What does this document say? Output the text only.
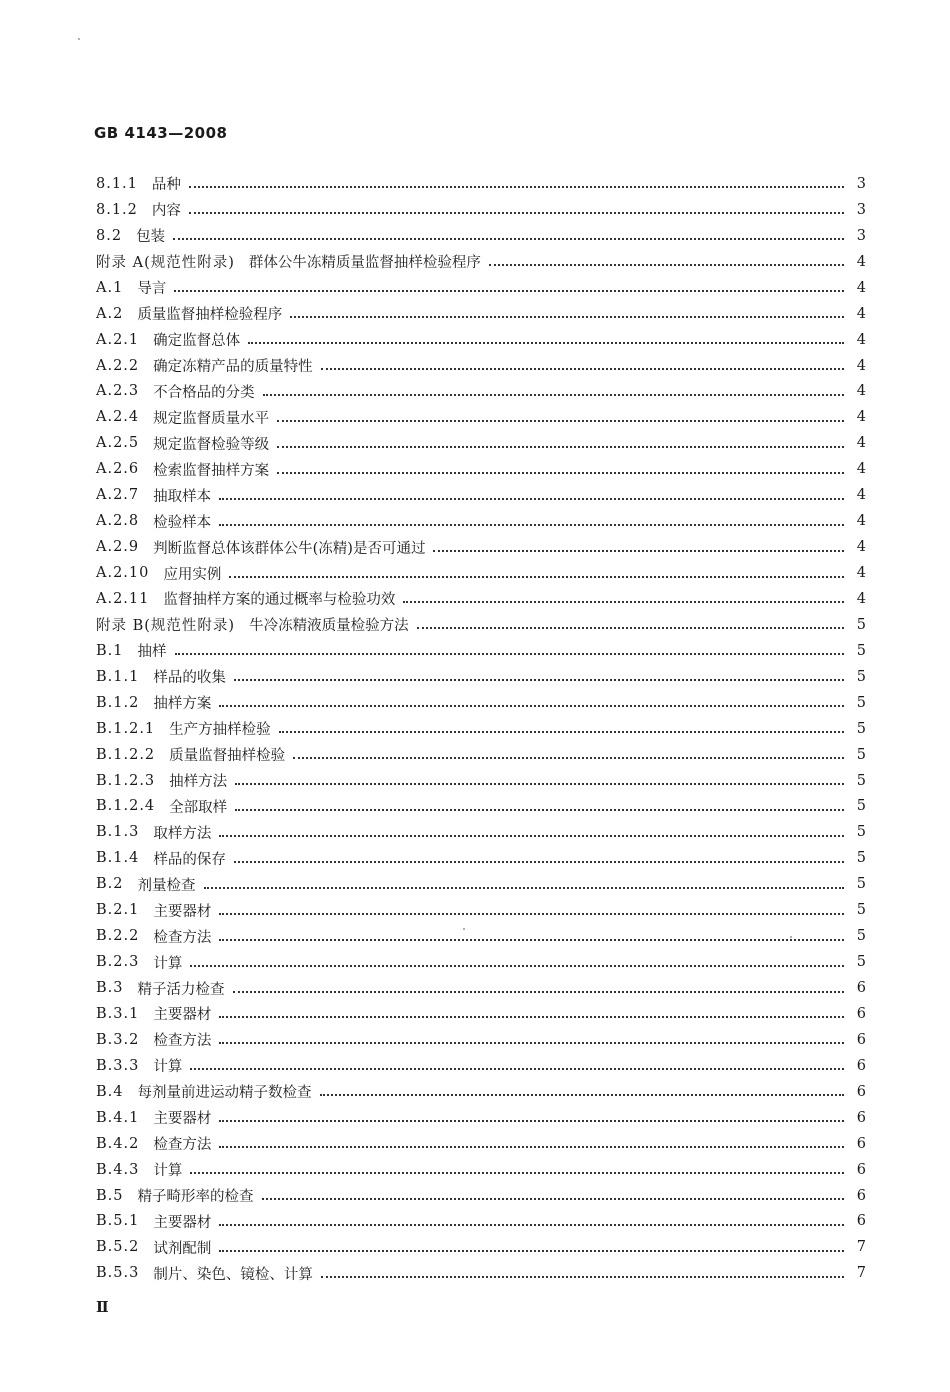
GB 4143—2008
8.1.1 品种	3
8.1.2 内容	3
8.2 包装	3
附录 A(规范性附录) 群体公牛冻精质量监督抽样检验程序	4
A.1 导言	4
A.2 质量监督抽样检验程序	4
A.2.1 确定监督总体	4
A.2.2 确定冻精产品的质量特性	4
A.2.3 不合格品的分类	4
A.2.4 规定监督质量水平	4
A.2.5 规定监督检验等级	4
A.2.6 检索监督抽样方案	4
A.2.7 抽取样本	4
A.2.8 检验样本	4
A.2.9 判断监督总体该群体公牛(冻精)是否可通过	4
A.2.10 应用实例	4
A.2.11 监督抽样方案的通过概率与检验功效	4
附录 B(规范性附录) 牛冷冻精液质量检验方法	5
B.1 抽样	5
B.1.1 样品的收集	5
B.1.2 抽样方案	5
B.1.2.1 生产方抽样检验	5
B.1.2.2 质量监督抽样检验	5
B.1.2.3 抽样方法	5
B.1.2.4 全部取样	5
B.1.3 取样方法	5
B.1.4 样品的保存	5
B.2 剂量检查	5
B.2.1 主要器材	5
B.2.2 检查方法	5
B.2.3 计算	5
B.3 精子活力检查	6
B.3.1 主要器材	6
B.3.2 检查方法	6
B.3.3 计算	6
B.4 每剂量前进运动精子数检查	6
B.4.1 主要器材	6
B.4.2 检查方法	6
B.4.3 计算	6
B.5 精子畸形率的检查	6
B.5.1 主要器材	6
B.5.2 试剂配制	7
B.5.3 制片、染色、镜检、计算	7
Ⅱ
